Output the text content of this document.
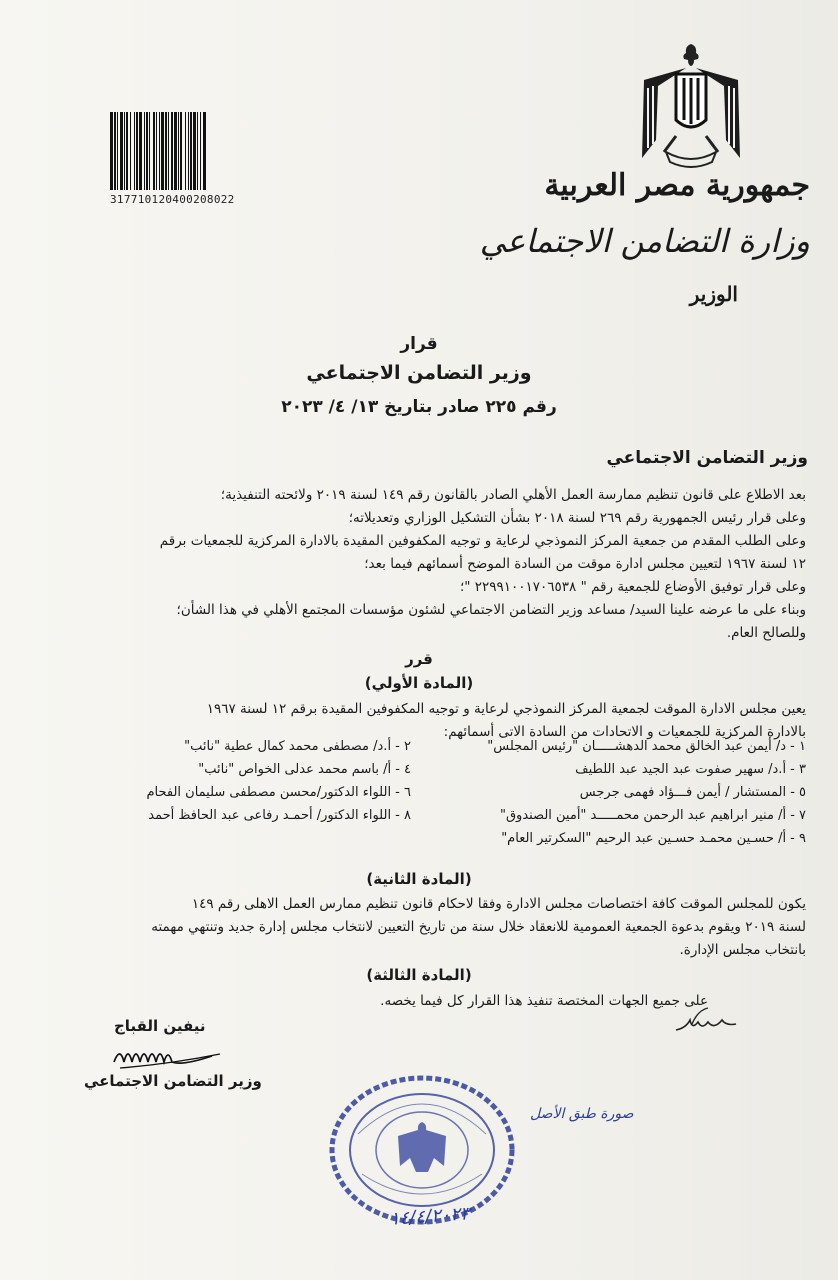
317710120400208022	جمهورية مصر العربية
وزارة التضامن الاجتماعي
الوزير
قرار
وزير التضامن الاجتماعي
رقم ٢٢٥ صادر بتاريخ ١٣/ ٤/ ٢٠٢٣
وزير التضامن الاجتماعي
بعد الاطلاع على قانون تنظيم ممارسة العمل الأهلي الصادر بالقانون رقم ١٤٩ لسنة ٢٠١٩ ولائحته التنفيذية؛
وعلى قرار رئيس الجمهورية رقم ٢٦٩ لسنة ٢٠١٨ بشأن التشكيل الوزاري وتعديلاته؛
وعلى الطلب المقدم من جمعية المركز النموذجي لرعاية و توجيه المكفوفين المقيدة بالادارة المركزية للجمعيات برقم
١٢ لسنة ١٩٦٧ لتعيين مجلس ادارة موقت من السادة الموضح أسمائهم فيما بعد؛
وعلى قرار توفيق الأوضاع للجمعية رقم " ٢٢٩٩١٠٠١٧٠٦٥٣٨ "؛
وبناء على ما عرضه علينا السيد/ مساعد وزير التضامن الاجتماعي لشئون مؤسسات المجتمع الأهلي في هذا الشأن؛
وللصالح العام.
قرر
(المادة الأولي)
يعين مجلس الادارة الموقت لجمعية المركز النموذجي لرعاية و توجيه المكفوفين المقيدة برقم ١٢ لسنة ١٩٦٧
بالادارة المركزية للجمعيات و الاتحادات من السادة الاتى أسمائهم:
١ - د/ أيمن عبد الخالق محمد الدهشـــــان "رئيس المجلس"
٢ - أ.د/ مصطفى محمد كمال عطية "نائب"
٣ - أ.د/ سهير صفوت عبد الجيد عبد اللطيف
٤ - أ/ باسم محمد عدلى الخواص "نائب"
٥ - المستشار / أيمن فـــؤاد فهمى جرجس
٦ - اللواء الدكتور/محسن مصطفى سليمان الفحام
٧ - أ/ منير ابراهيم عبد الرحمن محمـــــد "أمين الصندوق"
٨ - اللواء الدكتور/ أحمـد رفاعى عبد الحافظ أحمد
٩ - أ/ حسـين محمـد حسـين عبد الرحيم "السكرتير العام"
(المادة الثانية)
يكون للمجلس الموقت كافة اختصاصات مجلس الادارة وفقا لاحكام قانون تنظيم ممارس العمل الاهلى رقم ١٤٩
لسنة ٢٠١٩ ويقوم بدعوة الجمعية العمومية للانعقاد خلال سنة من تاريخ التعيين لانتخاب مجلس إدارة جديد وتنتهي مهمته
بانتخاب مجلس الإدارة.
(المادة الثالثة)
على جميع الجهات المختصة تنفيذ هذا القرار كل فيما يخصه.
نيفين القباج
وزير التضامن الاجتماعي
صورة طبق الأصل
١٤/٤/٢٠٢٣
